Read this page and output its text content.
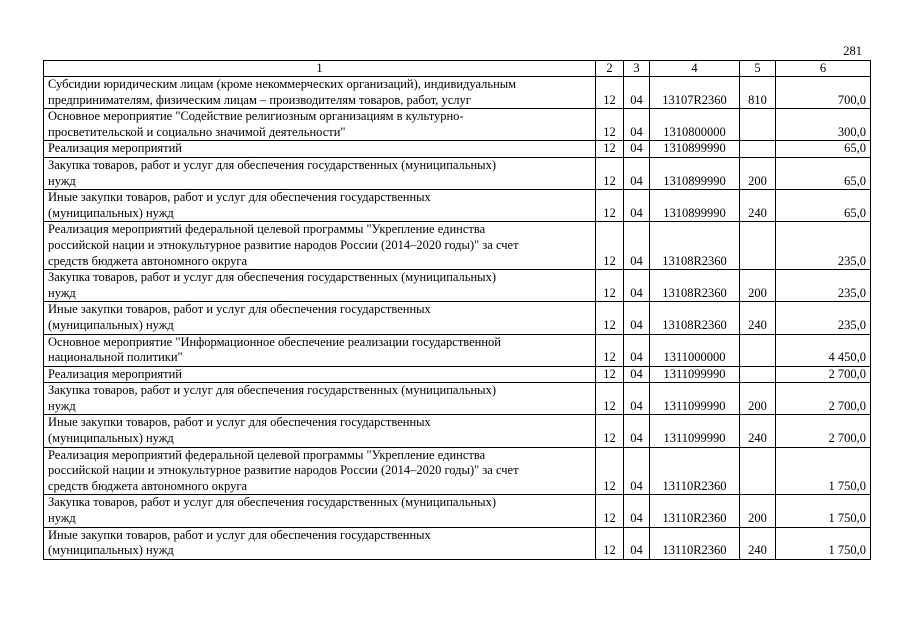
281
1	2	3	4	5	6

Субсидии юридическим лицам (кроме некоммерческих организаций), индивидуальным
предпринимателям, физическим лицам – производителям товаров, работ, услуг	12	04	13107R2360	810	700,0

Основное мероприятие "Содействие религиозным организациям в культурно-
просветительской и социально значимой деятельности"	12	04	1310800000		300,0

Реализация мероприятий	12	04	1310899990		65,0

Закупка товаров, работ и услуг для обеспечения государственных (муниципальных)
нужд	12	04	1310899990	200	65,0

Иные закупки товаров, работ и услуг для обеспечения государственных
(муниципальных) нужд	12	04	1310899990	240	65,0

Реализация мероприятий федеральной целевой программы "Укрепление единства
российской нации и этнокультурное развитие народов России (2014–2020 годы)" за счет
средств бюджета автономного округа	12	04	13108R2360		235,0

Закупка товаров, работ и услуг для обеспечения государственных (муниципальных)
нужд	12	04	13108R2360	200	235,0

Иные закупки товаров, работ и услуг для обеспечения государственных
(муниципальных) нужд	12	04	13108R2360	240	235,0

Основное мероприятие "Информационное обеспечение реализации государственной
национальной политики"	12	04	1311000000		4 450,0

Реализация мероприятий	12	04	1311099990		2 700,0

Закупка товаров, работ и услуг для обеспечения государственных (муниципальных)
нужд	12	04	1311099990	200	2 700,0

Иные закупки товаров, работ и услуг для обеспечения государственных
(муниципальных) нужд	12	04	1311099990	240	2 700,0

Реализация мероприятий федеральной целевой программы "Укрепление единства
российской нации и этнокультурное развитие народов России (2014–2020 годы)" за счет
средств бюджета автономного округа	12	04	13110R2360		1 750,0

Закупка товаров, работ и услуг для обеспечения государственных (муниципальных)
нужд	12	04	13110R2360	200	1 750,0

Иные закупки товаров, работ и услуг для обеспечения государственных
(муниципальных) нужд	12	04	13110R2360	240	1 750,0
